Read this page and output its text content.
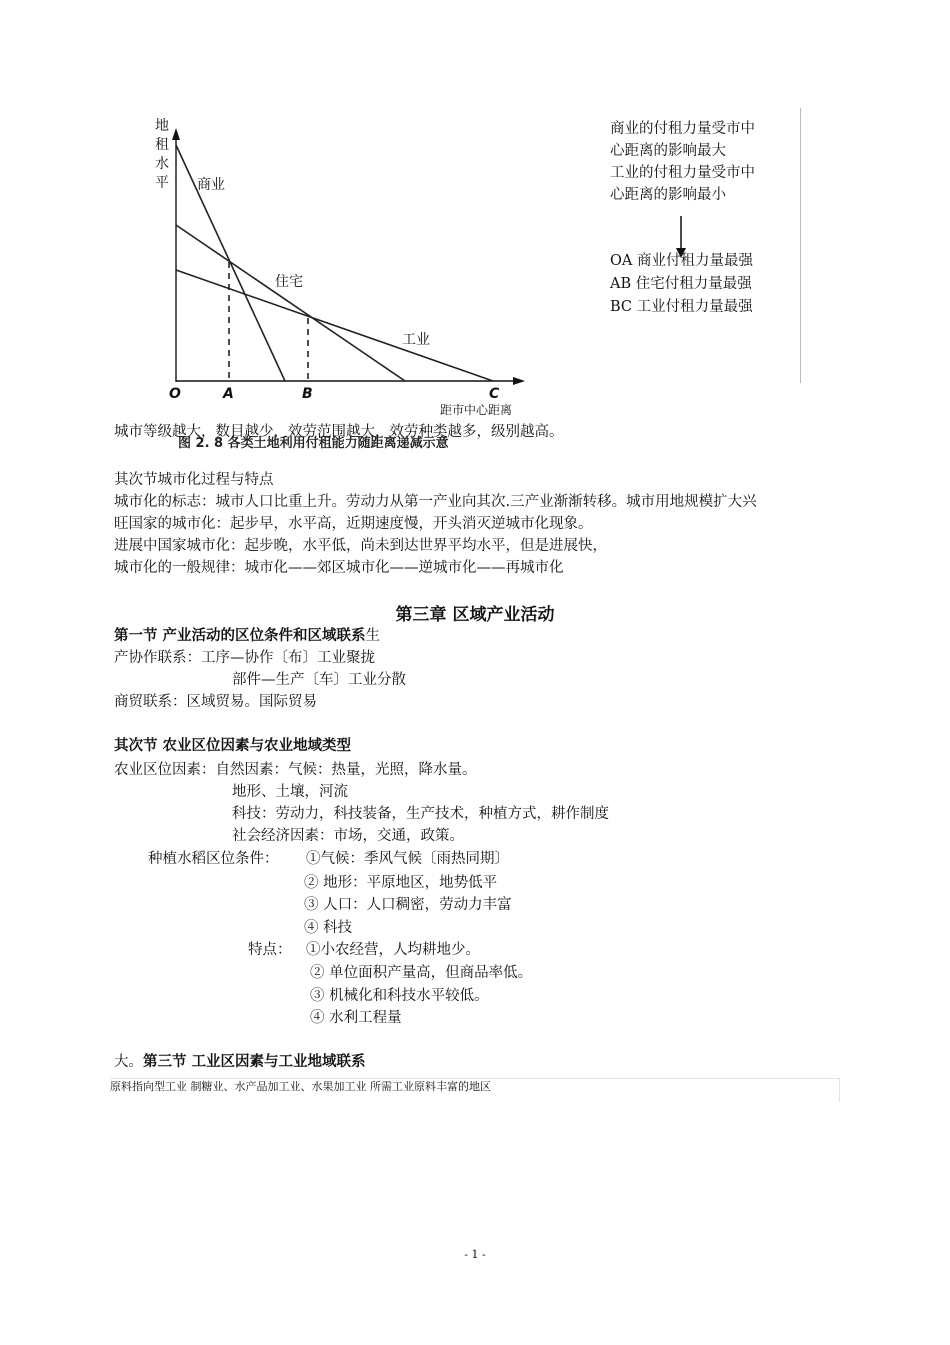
地
租
水
平 商业
住宅
工业
O	A	B	C
距市中心距离
商业的付租力量受市中
心距离的影响最大
工业的付租力量受市中
心距离的影响最小
OA 商业付租力量最强
AB 住宅付租力量最强
BC 工业付租力量最强
城市等级越大，数目越少，效劳范围越大，效劳种类越多，级别越高。
图 2. 8 各类土地利用付租能力随距离递减示意
其次节城市化过程与特点
城市化的标志：城市人口比重上升。劳动力从第一产业向其次.三产业渐渐转移。城市用地规模扩大兴
旺国家的城市化：起步早，水平高，近期速度慢，开头消灭逆城市化现象。
进展中国家城市化：起步晚，水平低，尚未到达世界平均水平，但是进展快，
城市化的一般规律：城市化——郊区城市化——逆城市化——再城市化
第三章 区域产业活动
第一节 产业活动的区位条件和区域联系生
产协作联系：工序—协作〔布〕工业聚拢
部件—生产〔车〕工业分散
商贸联系：区域贸易。国际贸易
其次节 农业区位因素与农业地域类型
农业区位因素：自然因素：气候：热量，光照，降水量。
地形、土壤，河流
科技：劳动力，科技装备，生产技术，种植方式，耕作制度
社会经济因素：市场，交通，政策。
种植水稻区位条件： ①气候：季风气候〔雨热同期〕
② 地形：平原地区，地势低平
③ 人口：人口稠密，劳动力丰富
④ 科技
特点： ①小农经营，人均耕地少。
② 单位面积产量高，但商品率低。
③ 机械化和科技水平较低。
④ 水利工程量
大。第三节 工业区因素与工业地域联系
原料指向型工业 制糖业、水产品加工业、水果加工业 所需工业原料丰富的地区
- 1 -
